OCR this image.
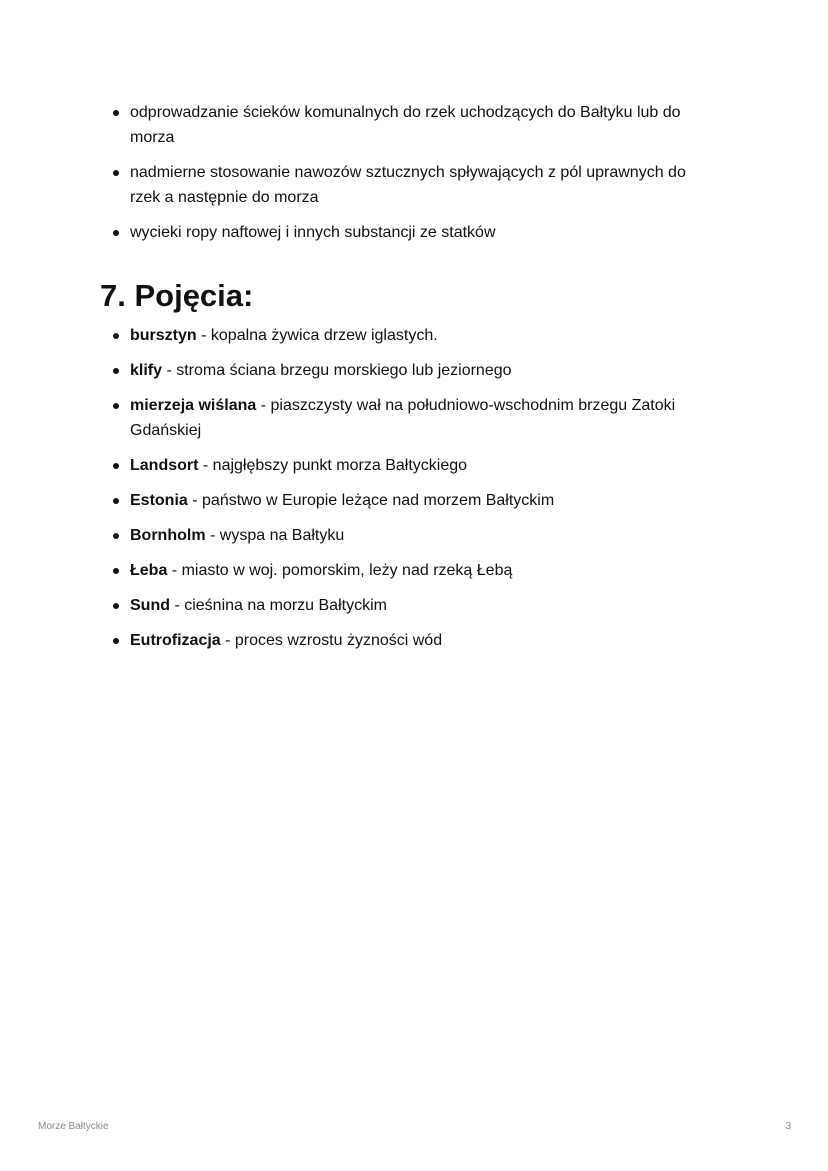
odprowadzanie ścieków komunalnych do rzek uchodzących do Bałtyku lub do morza
nadmierne stosowanie nawozów sztucznych spływających z pól uprawnych do rzek a następnie do morza
wycieki ropy naftowej i innych substancji ze statków
7. Pojęcia:
bursztyn - kopalna żywica drzew iglastych.
klify - stroma ściana brzegu morskiego lub jeziornego
mierzeja wiślana - piaszczysty wał na południowo-wschodnim brzegu Zatoki Gdańskiej
Landsort - najgłębszy punkt morza Bałtyckiego
Estonia - państwo w Europie leżące nad morzem Bałtyckim
Bornholm - wyspa na Bałtyku
Łeba - miasto w woj. pomorskim, leży nad rzeką Łebą
Sund - cieśnina na morzu Bałtyckim
Eutrofizacja - proces wzrostu żyzności wód
Morze Bałtyckie	3
